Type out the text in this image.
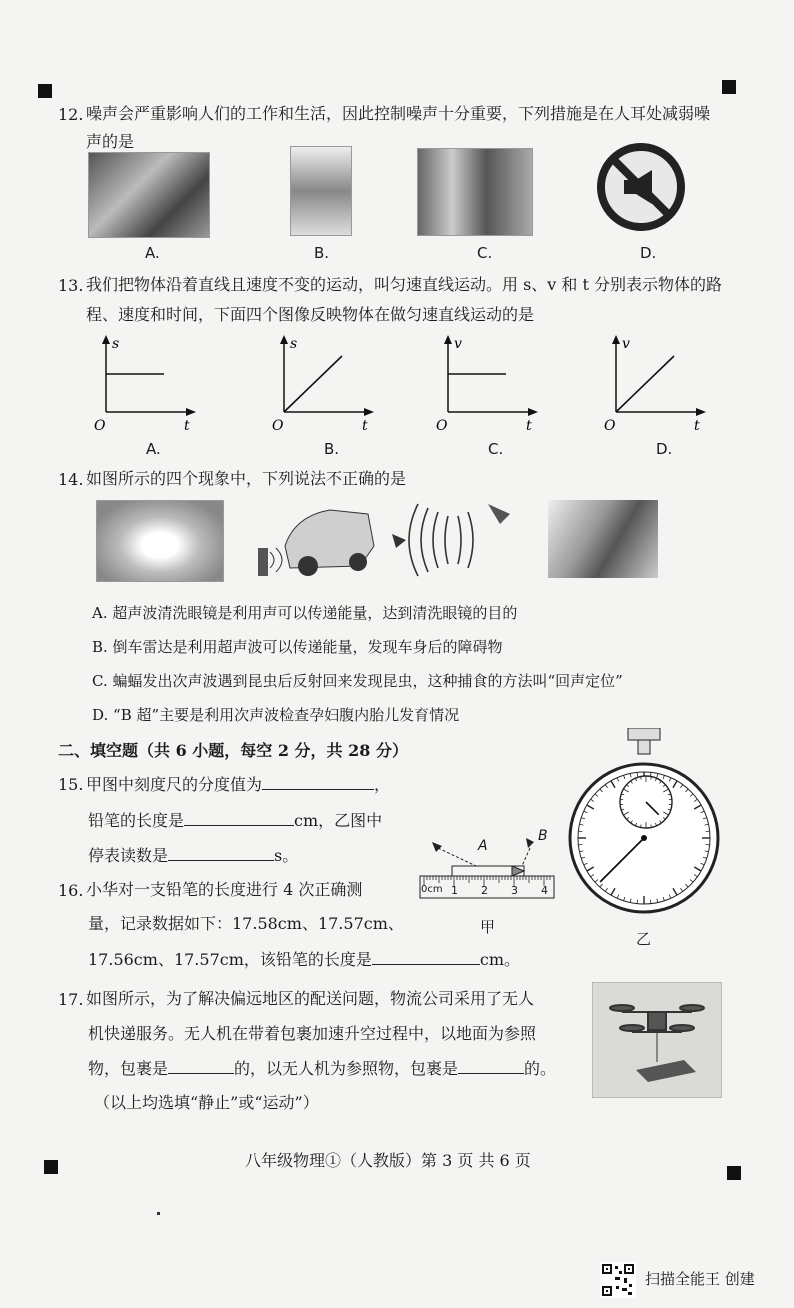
12. 噪声会严重影响人们的工作和生活，因此控制噪声十分重要，下列措施是在人耳处减弱噪
声的是
A.	B.	C.	D.
13. 我们把物体沿着直线且速度不变的运动，叫匀速直线运动。用 s、v 和 t 分别表示物体的路
程、速度和时间，下面四个图像反映物体在做匀速直线运动的是
s
t
O
A.
s
t
O
B.
v
t
O
C.
v
t
O
D.
14. 如图所示的四个现象中，下列说法不正确的是
A. 超声波清洗眼镜是利用声可以传递能量，达到清洗眼镜的目的
B. 倒车雷达是利用超声波可以传递能量，发现车身后的障碍物
C. 蝙蝠发出次声波遇到昆虫后反射回来发现昆虫，这种捕食的方法叫“回声定位”
D. “B 超”主要是利用次声波检查孕妇腹内胎儿发育情况
二、填空题（共 6 小题，每空 2 分，共 28 分）
15. 甲图中刻度尺的分度值为	，
铅笔的长度是	cm，乙图中
停表读数是	s。	A
B
0cm 1 2 3 4
甲
乙
16. 小华对一支铅笔的长度进行 4 次正确测
量，记录数据如下：17.58cm、17.57cm、
17.56cm、17.57cm，该铅笔的长度是	cm。
17. 如图所示，为了解决偏远地区的配送问题，物流公司采用了无人
机快递服务。无人机在带着包裹加速升空过程中，以地面为参照
物，包裹是	的，以无人机为参照物，包裹是	的。
（以上均选填“静止”或“运动”）
八年级物理①（人教版）第 3 页 共 6 页
扫描全能王 创建
